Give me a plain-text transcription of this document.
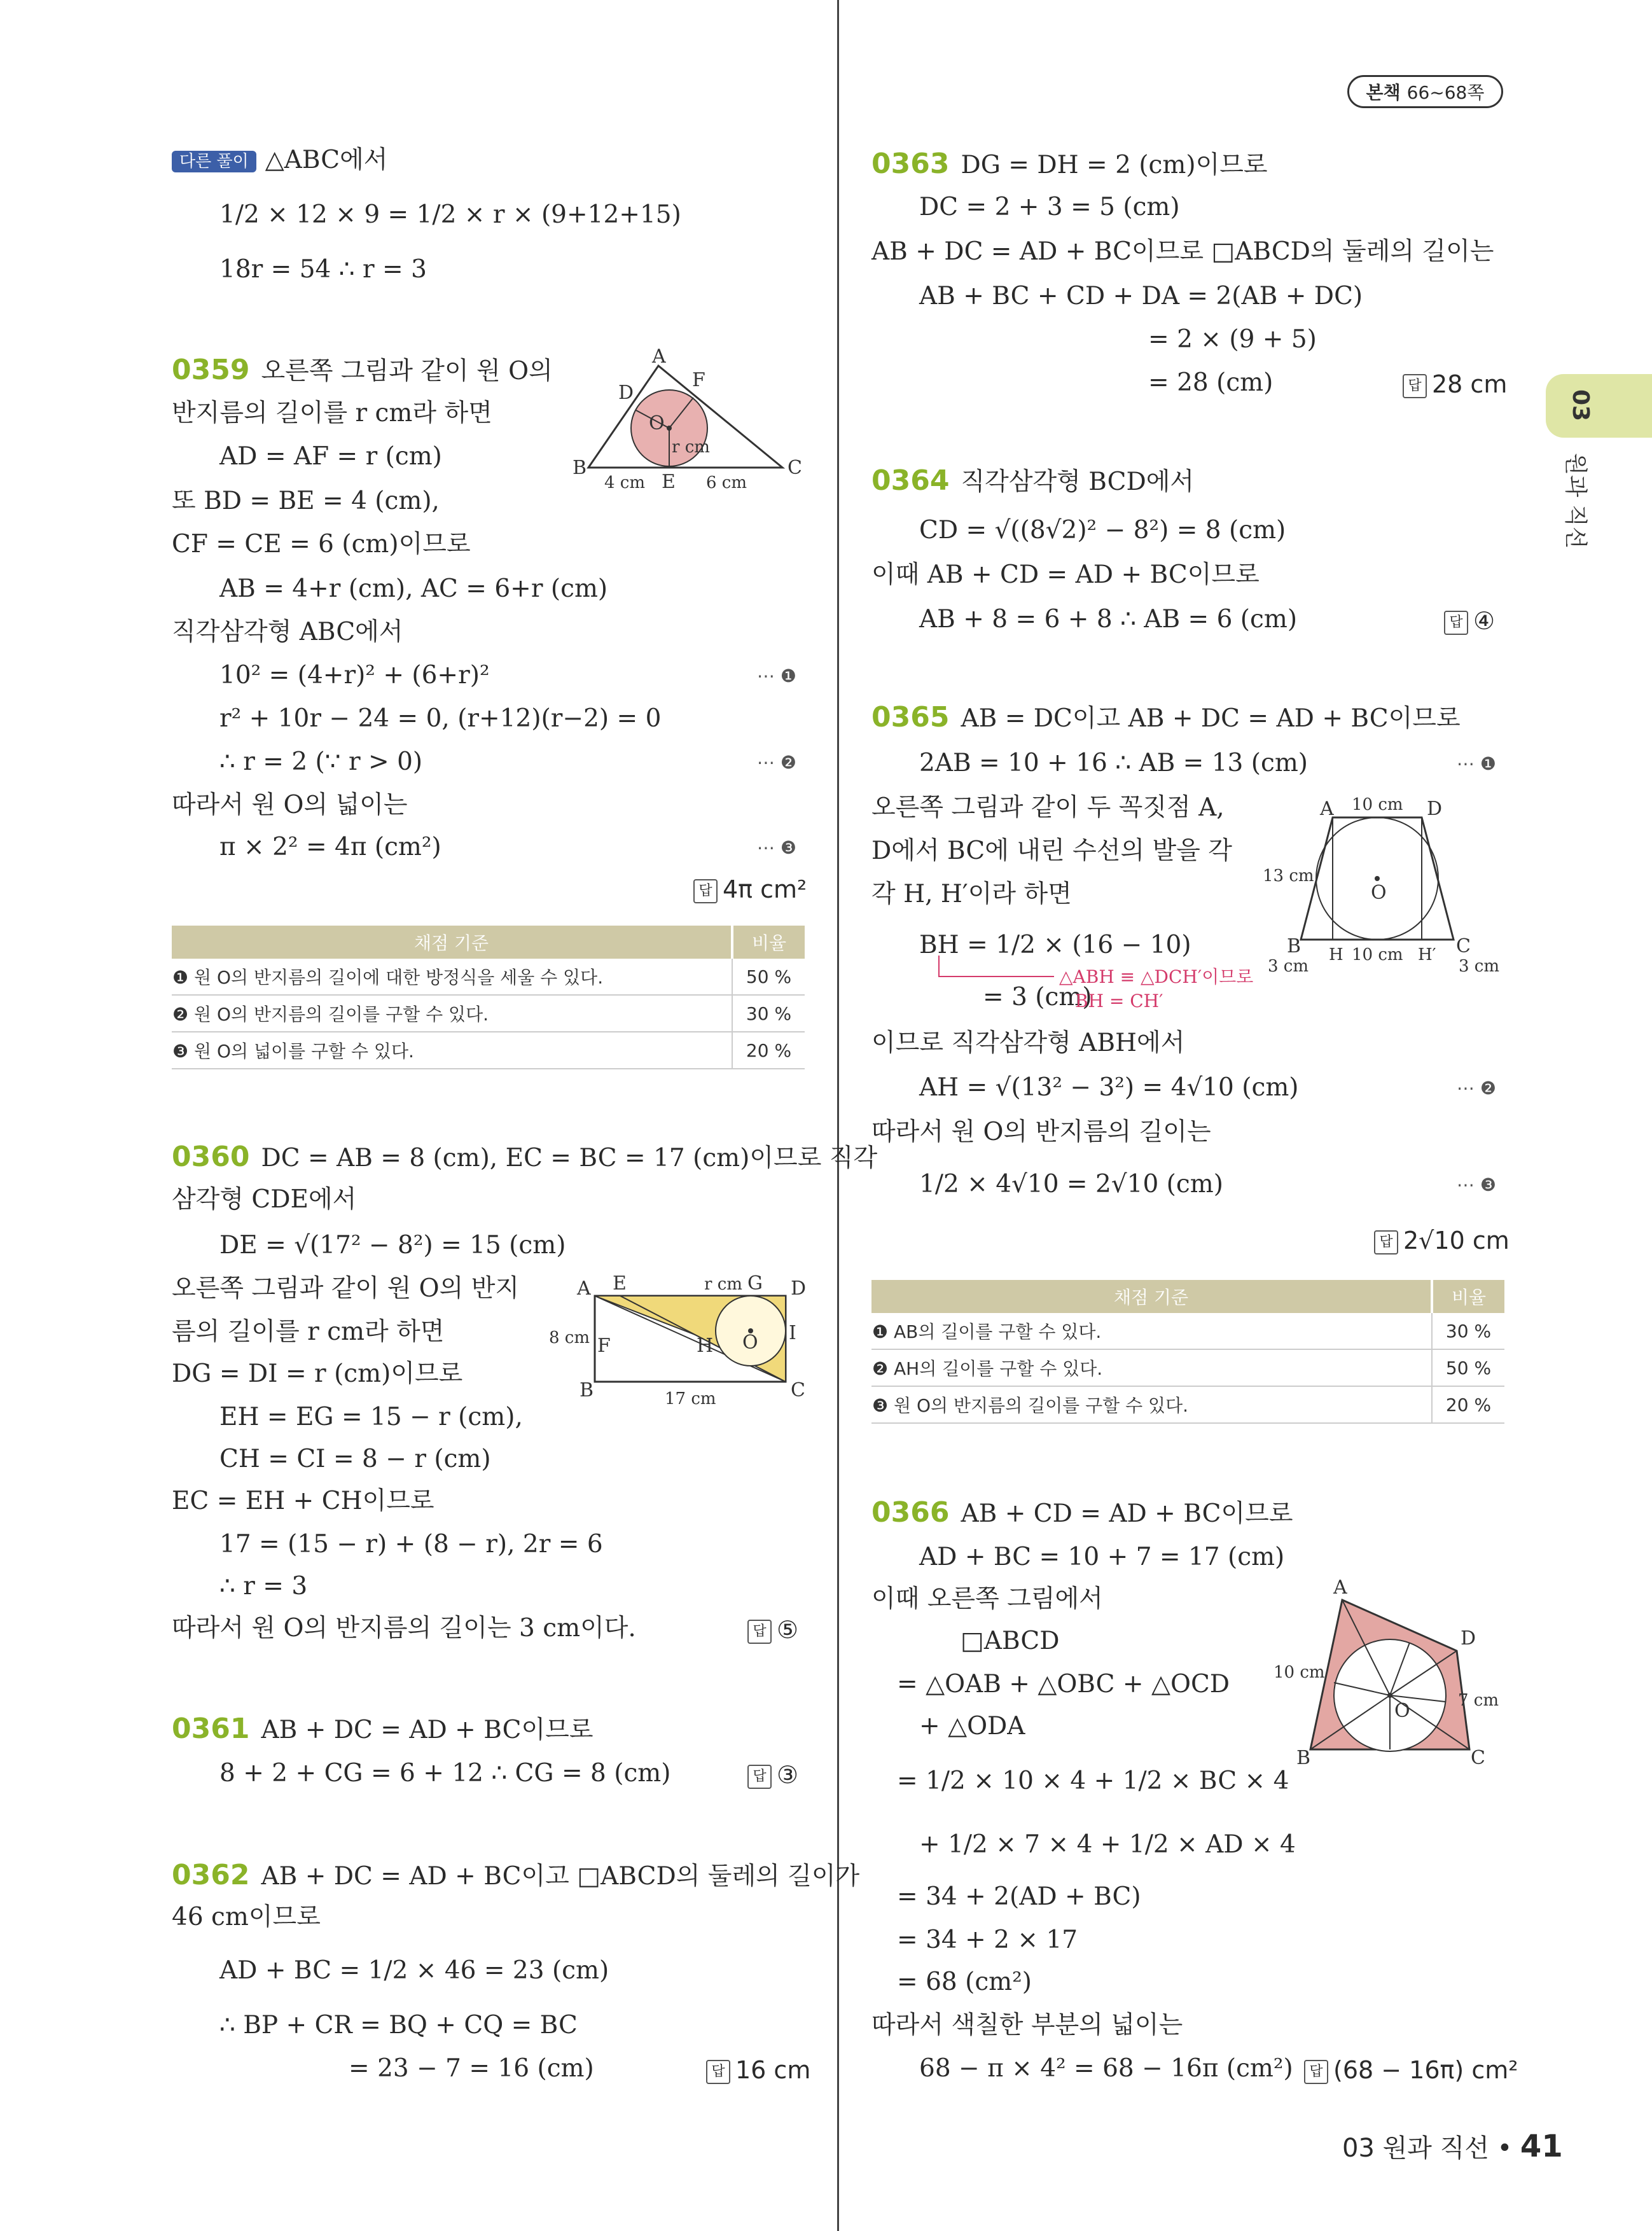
본책 66~68쪽
03
원과 직선
다른 풀이 △ABC에서
1/2 × 12 × 9 = 1/2 × r × (9+12+15)
18r = 54 ∴ r = 3
0359 오른쪽 그림과 같이 원 O의
반지름의 길이를 r cm라 하면
AD = AF = r (cm)
또 BD = BE = 4 (cm),
CF = CE = 6 (cm)이므로
AB = 4+r (cm), AC = 6+r (cm)
직각삼각형 ABC에서
10² = (4+r)² + (6+r)²	⋯ ❶
r² + 10r − 24 = 0, (r+12)(r−2) = 0
∴ r = 2 (∵ r > 0)	⋯ ❷
따라서 원 O의 넓이는
π × 2² = 4π (cm²)	⋯ ❸
답 4π cm²
A
B	C
D
E
F
O
r cm
4 cm	6 cm
채점 기준	비율
❶ 원 O의 반지름의 길이에 대한 방정식을 세울 수 있다.	50 %
❷ 원 O의 반지름의 길이를 구할 수 있다.	30 %
❸ 원 O의 넓이를 구할 수 있다.	20 %
0360 DC = AB = 8 (cm), EC = BC = 17 (cm)이므로 직각
삼각형 CDE에서
DE = √(17² − 8²) = 15 (cm)
오른쪽 그림과 같이 원 O의 반지
름의 길이를 r cm라 하면
DG = DI = r (cm)이므로
EH = EG = 15 − r (cm),
CH = CI = 8 − r (cm)
EC = EH + CH이므로
17 = (15 − r) + (8 − r), 2r = 6
∴ r = 3
따라서 원 O의 반지름의 길이는 3 cm이다.	답 ⑤
A
B	C
D
E
F
G
H
I
O
r cm
8 cm
17 cm
0361 AB + DC = AD + BC이므로
8 + 2 + CG = 6 + 12 ∴ CG = 8 (cm)	답 ③
0362 AB + DC = AD + BC이고 □ABCD의 둘레의 길이가
46 cm이므로
AD + BC = 1/2 × 46 = 23 (cm)
∴ BP + CR = BQ + CQ = BC
= 23 − 7 = 16 (cm)	답 16 cm
0363 DG = DH = 2 (cm)이므로
DC = 2 + 3 = 5 (cm)
AB + DC = AD + BC이므로 □ABCD의 둘레의 길이는
AB + BC + CD + DA = 2(AB + DC)
= 2 × (9 + 5)
= 28 (cm)	답 28 cm
0364 직각삼각형 BCD에서
CD = √((8√2)² − 8²) = 8 (cm)
이때 AB + CD = AD + BC이므로
AB + 8 = 6 + 8 ∴ AB = 6 (cm)	답 ④
0365 AB = DC이고 AB + DC = AD + BC이므로
2AB = 10 + 16 ∴ AB = 13 (cm)	⋯ ❶
오른쪽 그림과 같이 두 꼭짓점 A,
D에서 BC에 내린 수선의 발을 각
각 H, H′이라 하면
BH = 1/2 × (16 − 10)
= 3 (cm)
△ABH ≡ △DCH′이므로
BH = CH′
이므로 직각삼각형 ABH에서
AH = √(13² − 3²) = 4√10 (cm)	⋯ ❷
따라서 원 O의 반지름의 길이는
1/2 × 4√10 = 2√10 (cm)	⋯ ❸
답 2√10 cm
A	D
B	C
H	H′
O
10 cm
13 cm
10 cm
3 cm	3 cm
채점 기준	비율
❶ AB의 길이를 구할 수 있다.	30 %
❷ AH의 길이를 구할 수 있다.	50 %
❸ 원 O의 반지름의 길이를 구할 수 있다.	20 %
0366 AB + CD = AD + BC이므로
AD + BC = 10 + 7 = 17 (cm)
이때 오른쪽 그림에서
□ABCD
= △OAB + △OBC + △OCD
+ △ODA
= 1/2 × 10 × 4 + 1/2 × BC × 4
+ 1/2 × 7 × 4 + 1/2 × AD × 4
= 34 + 2(AD + BC)
= 34 + 2 × 17
= 68 (cm²)
따라서 색칠한 부분의 넓이는
68 − π × 4² = 68 − 16π (cm²)	답 (68 − 16π) cm²
A
D
B	C
O
10 cm
7 cm
03 원과 직선 • 41
